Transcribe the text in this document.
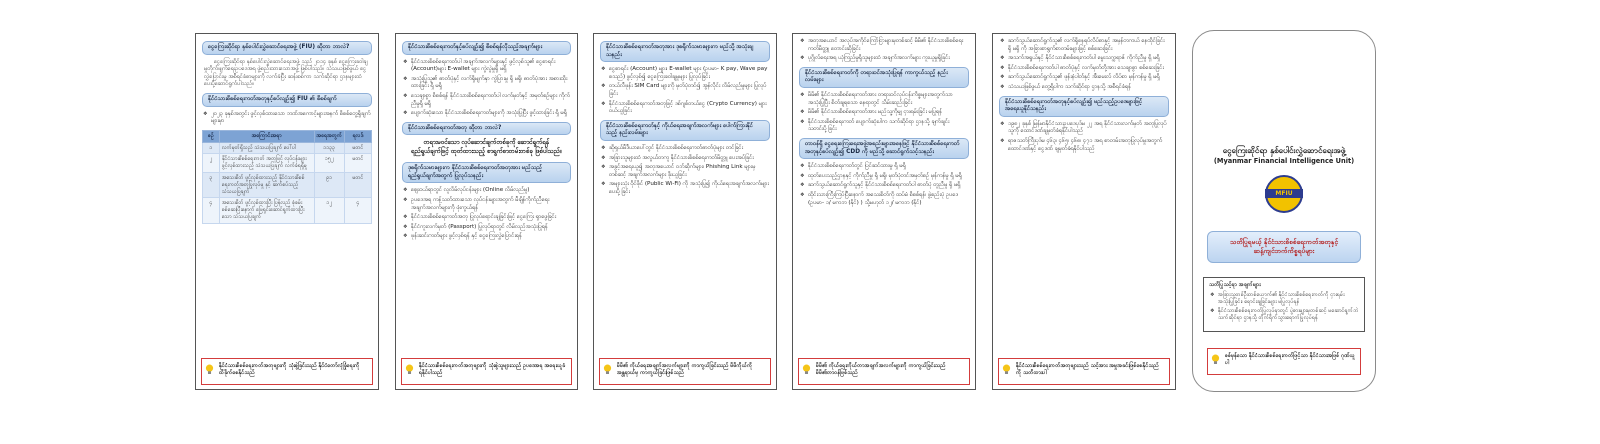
ငွေကြေးဆိုင်ရာ နှစ်ပေါင်းလွှဲဆောင်ရေးအဖွဲ့ (FIU) ဆိုတာ ဘာလဲ?
ငွေကြေးဆိုင်ရာ နှစ်ပေါင်းလွှဲဆောင်ရေးအဖွဲ့ သည် ၂၀၁၄ ခုနှစ် ငွေကြေးခဝါချမှုတိုက်ဖျက်ရေးဥပဒေအရ ဖွဲ့စည်းထားသောအဖွဲ့ ဖြစ်ပါသည်။ သံသယဖြစ်ဖွယ် ငွေလွှဲပြောင်းမှု အစီရင်ခံစာများကို လက်ခံပြီး ဆန်းစစ်ကာ သက်ဆိုင်ရာ ဌာနများထံ ပေးပို့ဆောင်ရွက်ပါသည်။
နိုင်ငံသားစိစစ်ရေးကတ်အတုနှင့်စပ်လျဉ်း၍ FIU ၏ စိစစ်ချက်
❖ ၂၀၂၃ ခုနှစ်အတွင်း ဖွင့်လှစ်ထားသော ဘဏ်အကောင့်များအနက် စိစစ်တွေ့ရှိချက်များမှာ
စဉ်	အကြောင်းအရာ	အရေအတွက်	ရလဒ်
၁	လက်မှတ်ရှိသည့် သံသယပြချက် ပေါ်ပါ	၁၁၃၃	မတင်
၂	နိုင်ငံသားစိစစ်ရေးကတ် အတုဖြင့် လုပ်ငန်းများ ဖွင့်လှစ်ထားသည့် သံသယပြချက် လက်ခံရရှိမှု	၁၅၂	မတင်
၃	အသေးစိတ် ဖွင့်လှစ်ထားသည့် နိုင်ငံသားစိစစ်ရေးကတ်အတုပြုလုပ်မှု နှင့် ဆက်စပ်သည့် သံသယပြချက်	၉၁	မတင်
၄	အသေးစိတ် ဖွင့်လှစ်ထားပြီး ပြန်လည် စုံစမ်းစစ်ဆေးပြီးနောက် ဖြေရှင်းဆောင်ရွက်ထားပြီးသော သံသယပြချက်	၁၂	၄
နိုင်ငံသားစိစစ်ရေးကတ်အတုများကို သုံးစွဲခြင်းသည် နိုင်ငံတော်လုံခြုံရေးကို ထိခိုက်စေနိုင်သည်
နိုင်ငံသားစိစစ်ရေးကတ်နှင့်စပ်လျဉ်း၍ စိစစ်ရန်လိုသည့်အချက်များ
❖ နိုင်ငံသားစိစစ်ရေးကတ်ပါ အချက်အလက်များနှင့် ဖွင့်လှစ်သူ၏ ငွေစာရင်း (Account)များ E-wallet များ ကွဲလွဲမှုရှိ မရှိ
❖ အသုံးပြုသူ၏ ဓာတ်ပုံနှင့် လက်ရှိမျက်နှာ ကွဲပြားမှု ရှိ မရှိ၊ ဓာတ်ပုံအား အစားထိုးထားခြင်း ရှိ မရှိ
❖ သေချာစွာ စိစစ်ရန် နိုင်ငံသားစိစစ်ရေးကတ်ပါ လက်မှတ်နှင့် အမှတ်စဉ်များ ကိုက်ညီမှုရှိ မရှိ
❖ ပျောက်ဆုံးသော နိုင်ငံသားစိစစ်ရေးကတ်များကို အသုံးပြုပြီး ဖွင့်ထားခြင်း ရှိ မရှိ
နိုင်ငံသားစိစစ်ရေးကတ်အတု ဆိုတာ ဘာလဲ?
တရားမဝင်သော လုပ်ဆောင်ချက်တစ်ခုကို ဆောင်ရွက်ရန် ရည်ရွယ်ချက်ဖြင့် ထုတ်ထားသည့် စာရွက်စာတမ်းတစ်ခု ဖြစ်ပါသည်။
ဒုစရိုက်သမားများက နိုင်ငံသားစိစစ်ရေးကတ်အတုအား မည်သည့် ရည်ရွယ်ချက်အတွက် ပြုလုပ်သနည်း
❖ ဈေးဝယ်ရာတွင် လူလိမ်လုပ်ငန်းများ (Online လိမ်လည်မှု)
❖ ဥပဒေအရ ကန့်သတ်ထားသော လုပ်ငန်းများအတွက် မီချိန်ကိုက်ညီရေး အချက်အလက်များကို ဖုံးကွယ်ရန်
❖ နိုင်ငံသားစိစစ်ရေးကတ်အတု ပြုလုပ်ရောင်းချခြင်းဖြင့် ငွေကြေး ရှာဖွေခြင်း
❖ နိုင်ငံကူးလက်မှတ် (Passport) ပြုလုပ်ရာတွင် လိမ်လည်အသုံးပြုရန်
❖ ဖုန်းဆင်းကတ်များ ဖွင့်လှစ်ရန် နှင့် ငွေကြေးလွှဲပြောင်းရန်
နိုင်ငံသားစိစစ်ရေးကတ်အတုများကို သုံးစွဲသူများသည် ဥပဒေအရ အရေးယူခံရနိုင်ပါသည်
နိုင်ငံသားစိစစ်ရေးကတ်အတုအား ဒုစရိုက်သမားများက မည်သို့ အသုံးချသနည်း
❖ ငွေစာရင်း (Account) များ၊ E-wallet များ (ဥပမာ- K pay, Wave pay စသည်) ဖွင့်လှစ်၍ ငွေကြေးခဝါချမှုများ ပြုလုပ်ခြင်း
❖ တယ်လီဖုန်း SIM Card များကို မှတ်ပုံတင်၍ အွန်လိုင်း လိမ်လည်မှုများ ပြုလုပ်ခြင်း
❖ နိုင်ငံသားစိစစ်ရေးကတ်အတုဖြင့် ဒစ်ဂျစ်တယ်ငွေ (Crypto Currency) များ ဝယ်ယူခြင်း
နိုင်ငံသားစိစစ်ရေးကတ်နှင့် ကိုယ်ရေးအချက်အလက်များ ပေါက်ကြားနိုင်သည့် နည်းလမ်းများ
❖ ဆိုရှယ်မီဒီယာပေါ်တွင် နိုင်ငံသားစိစစ်ရေးကတ်ဓာတ်ပုံများ တင်ခြင်း
❖ အခြားသူများထံ အလွယ်တကူ နိုင်ငံသားစိစစ်ရေးကတ်မိတ္တူ ပေးအပ်ခြင်း
❖ အခွင့်အရေးယူ၍ အတုအယောင် ဝဘ်ဆိုက်များ၊ Phishing Link များမှတစ်ဆင့် အချက်အလက်များ ခိုးယူခြင်း
❖ အများသုံး ဝိုင်ဖိုင် (Public Wi-Fi) ကို အသုံးပြု၍ ကိုယ်ရေးအချက်အလက်များ ပေးပို့ခြင်း
မိမိ၏ ကိုယ်ရေးအချက်အလက်များကို ကာကွယ်ခြင်းသည် မိမိကိုယ်ကို အန္တရာယ်မှ ကာကွယ်ခြင်းဖြစ်သည်
❖ အတုအယောင် အလုပ်အကိုင်ကြော်ငြာများမှတစ်ဆင့် မိမိ၏ နိုင်ငံသားစိစစ်ရေးကတ်မိတ္တူ တောင်းဆိုခြင်း
❖ ပုဂ္ဂိုလ်ရေးအရ ယုံကြည်မှုရှိသူများထံ အချက်အလက်များ ကူးယူမှုရှိခြင်း
နိုင်ငံသားစိစစ်ရေးကတ်ကို တရားဝင်အသုံးပြုရန် ကာကွယ်သည့် နည်းလမ်းများ
❖ မိမိ၏ နိုင်ငံသားစိစစ်ရေးကတ်အား တရားဝင်လုပ်ငန်းကိစ္စများအတွက်သာ အသုံးပြုပြီး စိတ်ချရသော နေရာတွင် သိမ်းဆည်းခြင်း
❖ မိမိ၏ နိုင်ငံသားစိစစ်ရေးကတ်အား မည်သူ့ကိုမျှ ငှားရမ်းခြင်း မပြုရန်
❖ နိုင်ငံသားစိစစ်ရေးကတ် ပျောက်ဆုံးပါက သက်ဆိုင်ရာ ဌာနသို့ ချက်ချင်း သတင်းပို့ခြင်း
တာဝန်ရှိ ငွေရေးကြေးရေးအဖွဲ့အစည်းများအနေဖြင့် နိုင်ငံသားစိစစ်ရေးကတ်အတုနှင့်စပ်လျဉ်း၍ CDD ကို မည်သို့ ဆောင်ရွက်သင့်သနည်း
❖ နိုင်ငံသားစိစစ်ရေးကတ်တွင် ပြင်ဆင်ထားမှု ရှိ မရှိ
❖ ထုတ်ပေးသည့်ဌာနနှင့် ကိုက်ညီမှု ရှိ မရှိ၊ မှတ်ပုံတင်အမှတ်စဉ် မှန်ကန်မှု ရှိ မရှိ
❖ ဆက်သွယ်ဆောင်ရွက်သူနှင့် နိုင်ငံသားစိစစ်ရေးကတ်ပါ ဓာတ်ပုံ တူညီမှု ရှိ မရှိ
❖ ထိုင်းသားကြီးကြပ်ပြီးနောက် အသေးစိတ်ကို ထပ်မံ စိစစ်ရန်၊ ဖွဲ့စည်းပုံ ဥပဒေ (ဥပမာ- ၁/ မကဘ (နိုင်) ) သို့မဟုတ် ၁၂/ မကဘ (နိုင်)
မိမိ၏ ကိုယ်ရေးကိုယ်တာအချက်အလက်များကို ကာကွယ်ခြင်းသည် မိမိ၏တာဝန်ဖြစ်သည်
❖ ဆက်သွယ်ဆောင်ရွက်သူ၏ လက်ရှိနေရပ်လိပ်စာနှင့် အမှန်တကယ် နေထိုင်ခြင်း ရှိ မရှိ ကို အခြားစာရွက်စာတမ်းများဖြင့် စစ်ဆေးခြင်း
❖ အသက်အရွယ်နှင့် နိုင်ငံသားစိစစ်ရေးကတ်ပါ မွေးသက္ကရာဇ် ကိုက်ညီမှု ရှိ မရှိ
❖ နိုင်ငံသားစိစစ်ရေးကတ်ပါ ဓာတ်ပုံနှင့် လက်မှတ်တို့အား သေချာစွာ စစ်ဆေးခြင်း
❖ ဆက်သွယ်ဆောင်ရွက်သူ၏ ဖုန်းနံပါတ်နှင့် အီးမေးလ် လိပ်စာ မှန်ကန်မှု ရှိ မရှိ
❖ သံသယဖြစ်ဖွယ် တွေ့ရှိပါက သက်ဆိုင်ရာ ဌာနသို့ အစီရင်ခံရန်
နိုင်ငံသားစိစစ်ရေးကတ်အတုနှင့်စပ်လျဉ်း၍ မည်သည့်ဥပဒေများဖြင့် အရေးယူနိုင်သနည်း
❖ ၁၉၈၂ ခုနှစ် မြန်မာနိုင်ငံသားဥပဒေပုဒ်မ ၂၂ အရ နိုင်ငံသားလက်မှတ် အတုပြုလုပ်သူကို ထောင်ဒဏ်ချမှတ်ခံရနိုင်ပါသည်
❖ ရာဇသတ်ကြီးပုဒ်မ ၄၆၃၊ ၄၆၅၊ ၄၆၈၊ ၄၇၁ အရ စာတမ်းအတုပြုလုပ်မှုအတွက် ထောင်ဒဏ်နှင့် ငွေဒဏ် ချမှတ်ခံရနိုင်ပါသည်
နိုင်ငံသားစိစစ်ရေးကတ်အတုများသည် သင့်အား အမှုအခင်းဖြစ်စေနိုင်သည်ကို သတိထားပါ
ငွေကြေးဆိုင်ရာ နှစ်ပေါင်းလွှဲဆောင်ရေးအဖွဲ့
(Myanmar Financial Intelligence Unit)
MFIU
သတိပြုရမယ့် နိုင်ငံသားစိစစ်ရေးကတ်အတုနှင့် ဆန့်ကျင်ဘက်ကိစ္စရပ်များ
သတိပြုသင့်ရာ အချက်များ
❖ အခြားသူတစ်ဦးတစ်ယောက်၏ နိုင်ငံသားစိစစ်ရေးကတ်ကို ငှားရမ်းအသုံးပြုခြင်း၊ ရောင်းချခြင်းများ မပြုလုပ်ရန်
❖ နိုင်ငံသားစိစစ်ရေးကတ်ပြုလုပ်ရာတွင် ပွဲစားများမှတစ်ဆင့် မဆောင်ရွက်ဘဲ သက်ဆိုင်ရာ ဌာနသို့ တိုက်ရိုက်သွားရောက်ပြုလုပ်ရန်
စစ်မှန်သော နိုင်ငံသားစိစစ်ရေးကတ်ဖြင့်သာ နိုင်ငံသားအဖြစ် ဂုဏ်ယူပါ
